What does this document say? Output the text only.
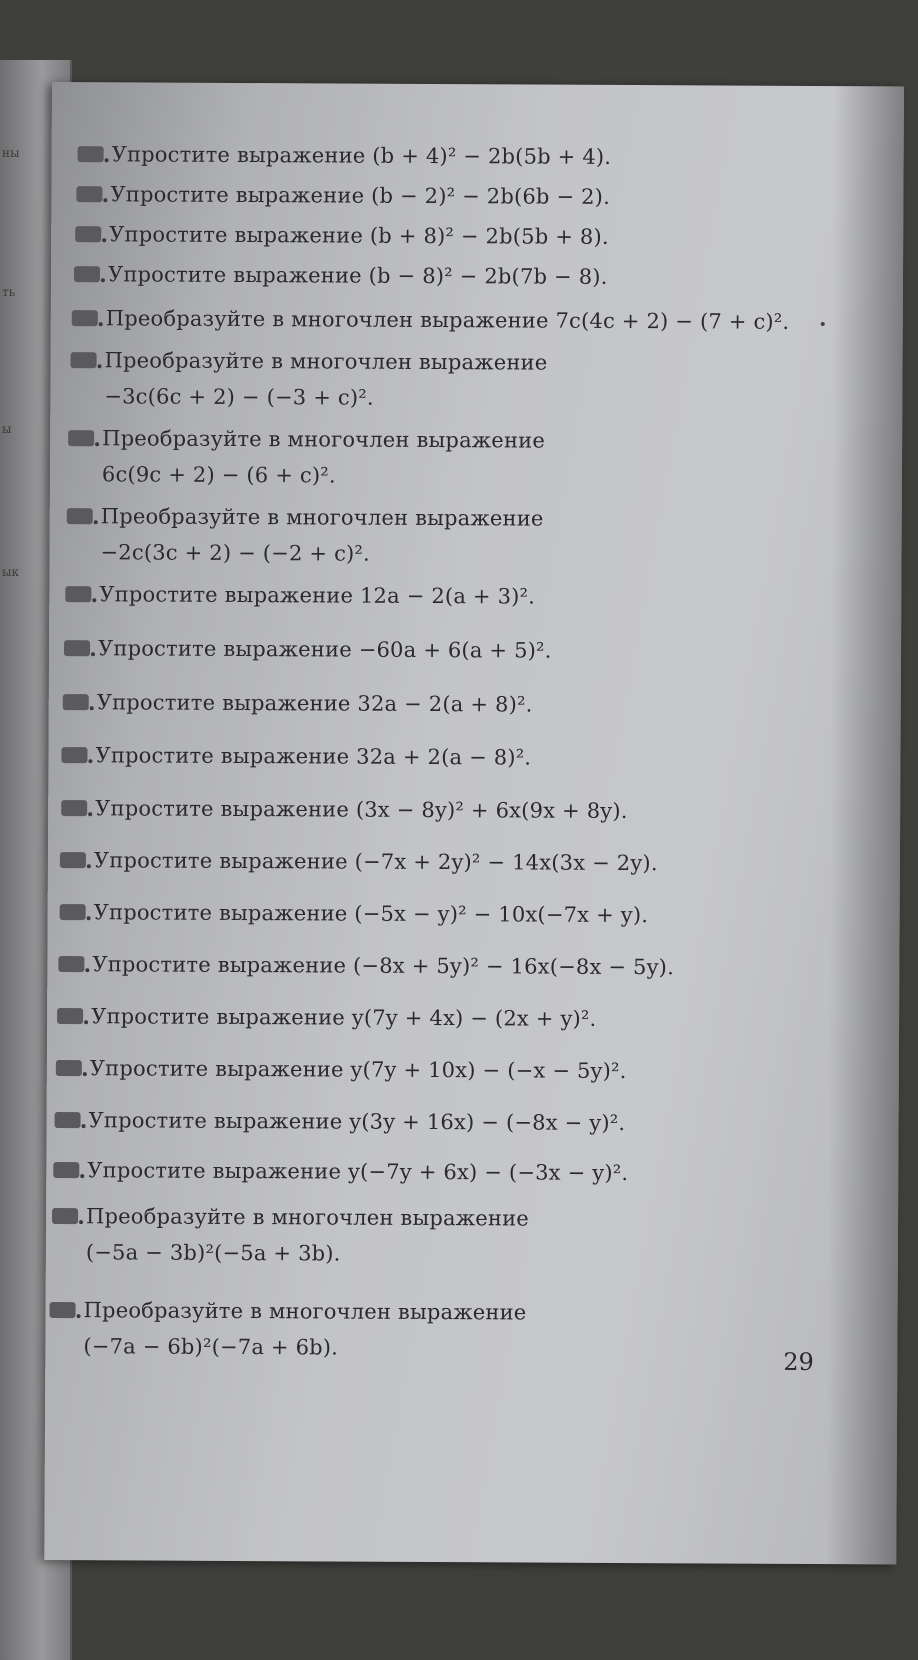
ны
ть
ы
ык
Упростите выражение (b + 4)² − 2b(5b + 4).
Упростите выражение (b − 2)² − 2b(6b − 2).
Упростите выражение (b + 8)² − 2b(5b + 8).
Упростите выражение (b − 8)² − 2b(7b − 8).
Преобразуйте в многочлен выражение 7c(4c + 2) − (7 + c)².
Преобразуйте в многочлен выражение
−3c(6c + 2) − (−3 + c)².
Преобразуйте в многочлен выражение
6c(9c + 2) − (6 + c)².
Преобразуйте в многочлен выражение
−2c(3c + 2) − (−2 + c)².
Упростите выражение 12a − 2(a + 3)².
Упростите выражение −60a + 6(a + 5)².
Упростите выражение 32a − 2(a + 8)².
Упростите выражение 32a + 2(a − 8)².
Упростите выражение (3x − 8y)² + 6x(9x + 8y).
Упростите выражение (−7x + 2y)² − 14x(3x − 2y).
Упростите выражение (−5x − y)² − 10x(−7x + y).
Упростите выражение (−8x + 5y)² − 16x(−8x − 5y).
Упростите выражение y(7y + 4x) − (2x + y)².
Упростите выражение y(7y + 10x) − (−x − 5y)².
Упростите выражение y(3y + 16x) − (−8x − y)².
Упростите выражение y(−7y + 6x) − (−3x − y)².
Преобразуйте в многочлен выражение
(−5a − 3b)²(−5a + 3b).
Преобразуйте в многочлен выражение
(−7a − 6b)²(−7a + 6b).
29
